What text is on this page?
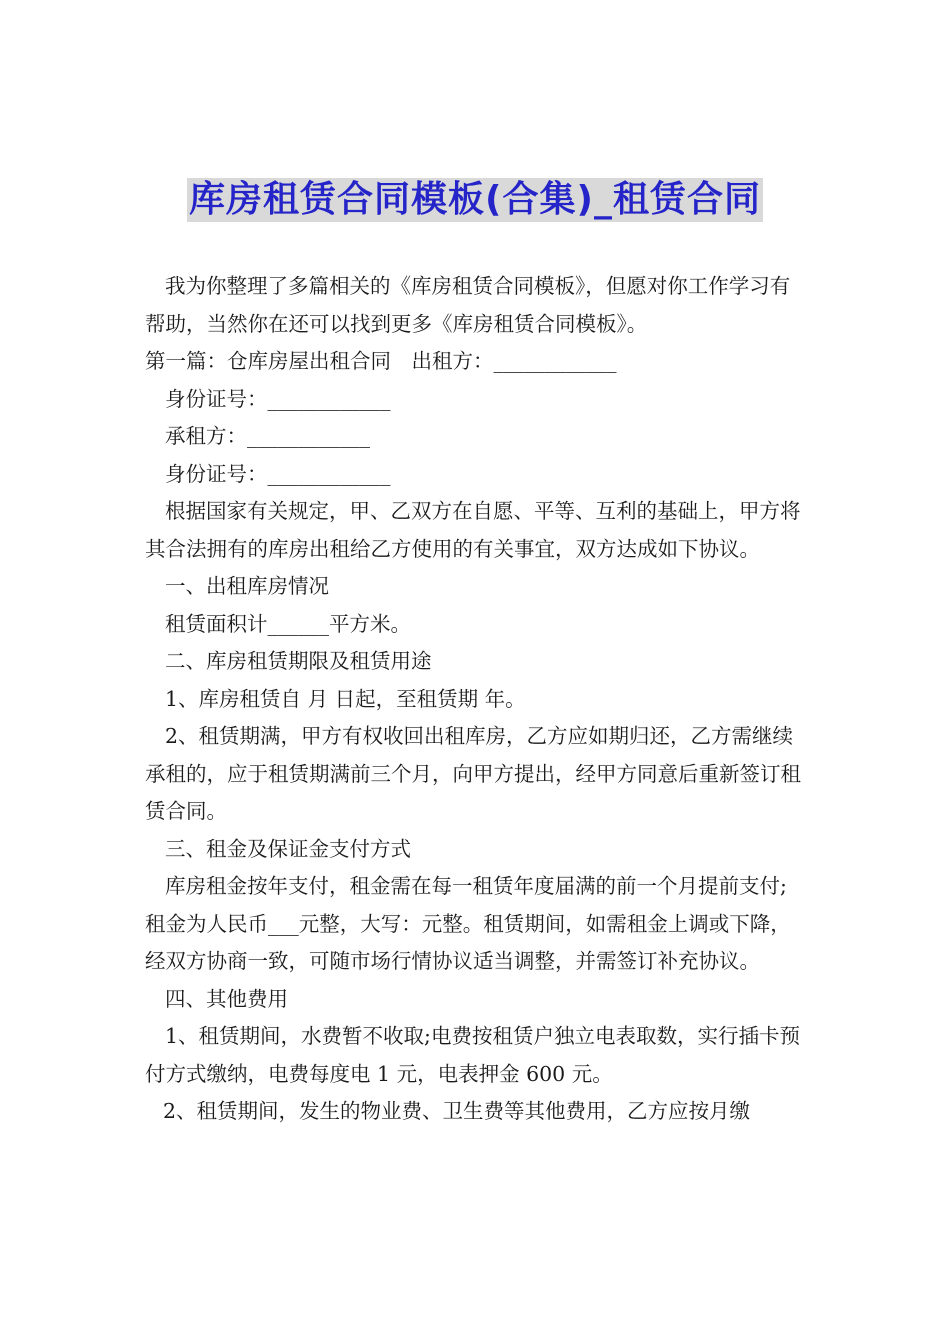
库房租赁合同模板(合集)_租赁合同

我为你整理了多篇相关的《库房租赁合同模板》，但愿对你工作学习有帮助，当然你在还可以找到更多《库房租赁合同模板》。

第一篇：仓库房屋出租合同　出租方：____________

身份证号：____________

承租方：____________

身份证号：____________

根据国家有关规定，甲、乙双方在自愿、平等、互利的基础上，甲方将其合法拥有的库房出租给乙方使用的有关事宜，双方达成如下协议。

一、出租库房情况

租赁面积计______平方米。

二、库房租赁期限及租赁用途

1、库房租赁自 月 日起，至租赁期 年。

2、租赁期满，甲方有权收回出租库房，乙方应如期归还，乙方需继续承租的，应于租赁期满前三个月，向甲方提出，经甲方同意后重新签订租赁合同。

三、租金及保证金支付方式

库房租金按年支付，租金需在每一租赁年度届满的前一个月提前支付;租金为人民币___元整，大写：元整。租赁期间，如需租金上调或下降，经双方协商一致，可随市场行情协议适当调整，并需签订补充协议。

四、其他费用

1、租赁期间，水费暂不收取;电费按租赁户独立电表取数，实行插卡预付方式缴纳，电费每度电 1 元，电表押金 600 元。

2、租赁期间，发生的物业费、卫生费等其他费用，乙方应按月缴
